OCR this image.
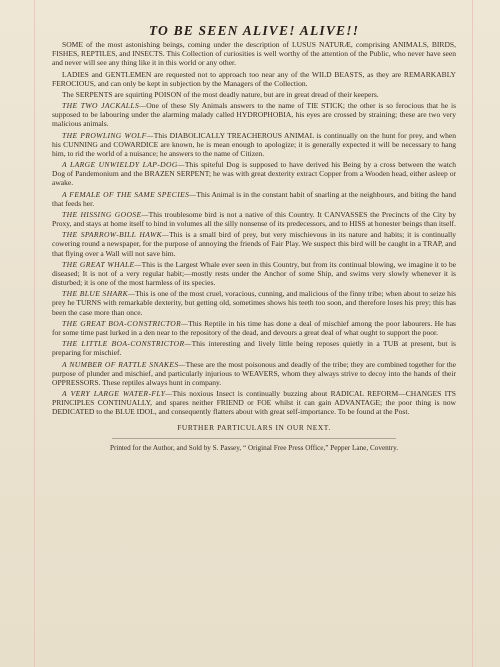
TO BE SEEN ALIVE! ALIVE!!

SOME of the most astonishing beings, coming under the description of LUSUS NATURÆ, comprising ANIMALS, BIRDS, FISHES, REPTILES, and INSECTS. This Collection of curiosities is well worthy of the attention of the Public, who never have seen and never will see any thing like it in this world or any other.

LADIES and GENTLEMEN are requested not to approach too near any of the WILD BEASTS, as they are REMARKABLY FEROCIOUS, and can only be kept in subjection by the Managers of the Collection.

The SERPENTS are squirting POISON of the most deadly nature, but are in great dread of their keepers.

THE TWO JACKALLS—One of these Sly Animals answers to the name of TIE STICK; the other is so ferocious that he is supposed to be labouring under the alarming malady called HYDROPHOBIA, his eyes are crossed by straining; these are two very malicious animals.

THE PROWLING WOLF—This DIABOLICALLY TREACHEROUS ANIMAL is continually on the hunt for prey, and when his CUNNING and COWARDICE are known, he is mean enough to apologize; it is generally expected it will be necessary to hang him, to rid the world of a nuisance; he answers to the name of Citizen.

A LARGE UNWIELDY LAP-DOG—This spiteful Dog is supposed to have derived his Being by a cross between the watch Dog of Pandemonium and the BRAZEN SERPENT; he was with great dexterity extract Copper from a Wooden head, either asleep or awake.

A FEMALE OF THE SAME SPECIES—This Animal is in the constant habit of snarling at the neighbours, and biting the hand that feeds her.

THE HISSING GOOSE—This troublesome bird is not a native of this Country. It CANVASSES the Precincts of the City by Proxy, and stays at home itself to hind in volumes all the silly nonsense of its predecessors, and to HISS at honester beings than itself.

THE SPARROW-BILL HAWK—This is a small bird of prey, but very mischievous in its nature and habits; it is continually cowering round a newspaper, for the purpose of annoying the friends of Fair Play. We suspect this bird will be caught in a TRAP, and that flying over a Wall will not save him.

THE GREAT WHALE—This is the Largest Whale ever seen in this Country, but from its continual blowing, we imagine it to be diseased; It is not of a very regular habit;—mostly rests under the Anchor of some Ship, and swims very slowly whenever it is disturbed; it is one of the most harmless of its species.

THE BLUE SHARK—This is one of the most cruel, voracious, cunning, and malicious of the finny tribe; when about to seize his prey he TURNS with remarkable dexterity, but getting old, sometimes shows his teeth too soon, and therefore loses his prey; this has been the case more than once.

THE GREAT BOA-CONSTRICTOR—This Reptile in his time has done a deal of mischief among the poor labourers. He has for some time past lurked in a den near to the repository of the dead, and devours a great deal of what ought to support the poor.

THE LITTLE BOA-CONSTRICTOR—This interesting and lively little being reposes quietly in a TUB at present, but is preparing for mischief.

A NUMBER OF RATTLE SNAKES—These are the most poisonous and deadly of the tribe; they are combined together for the purpose of plunder and mischief, and particularly injurious to WEAVERS, whom they always strive to decoy into the hands of their OPPRESSORS. These reptiles always hunt in company.

A VERY LARGE WATER-FLY—This noxious Insect is continually buzzing about RADICAL REFORM—CHANGES ITS PRINCIPLES CONTINUALLY, and spares neither FRIEND or FOE whilst it can gain ADVANTAGE; the poor thing is now DEDICATED to the BLUE IDOL, and consequently flatters about with great self-importance. To be found at the Post.

FURTHER PARTICULARS IN OUR NEXT.

Printed for the Author, and Sold by S. Passey, “ Original Free Press Office,” Pepper Lane, Coventry.
